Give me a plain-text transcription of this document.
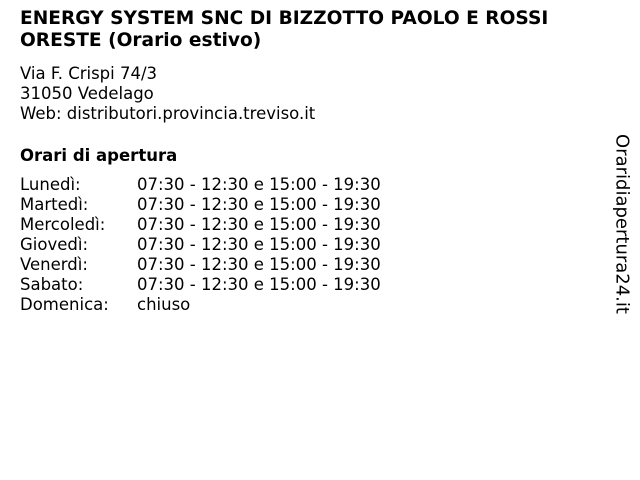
ENERGY SYSTEM SNC DI BIZZOTTO PAOLO E ROSSI ORESTE (Orario estivo)
Via F. Crispi 74/3
31050 Vedelago
Web: distributori.provincia.treviso.it
Orari di apertura
Lunedì:	07:30 - 12:30 e 15:00 - 19:30
Martedì:	07:30 - 12:30 e 15:00 - 19:30
Mercoledì:	07:30 - 12:30 e 15:00 - 19:30
Giovedì:	07:30 - 12:30 e 15:00 - 19:30
Venerdì:	07:30 - 12:30 e 15:00 - 19:30
Sabato:	07:30 - 12:30 e 15:00 - 19:30
Domenica:	chiuso	Oraridiapertura24.it
